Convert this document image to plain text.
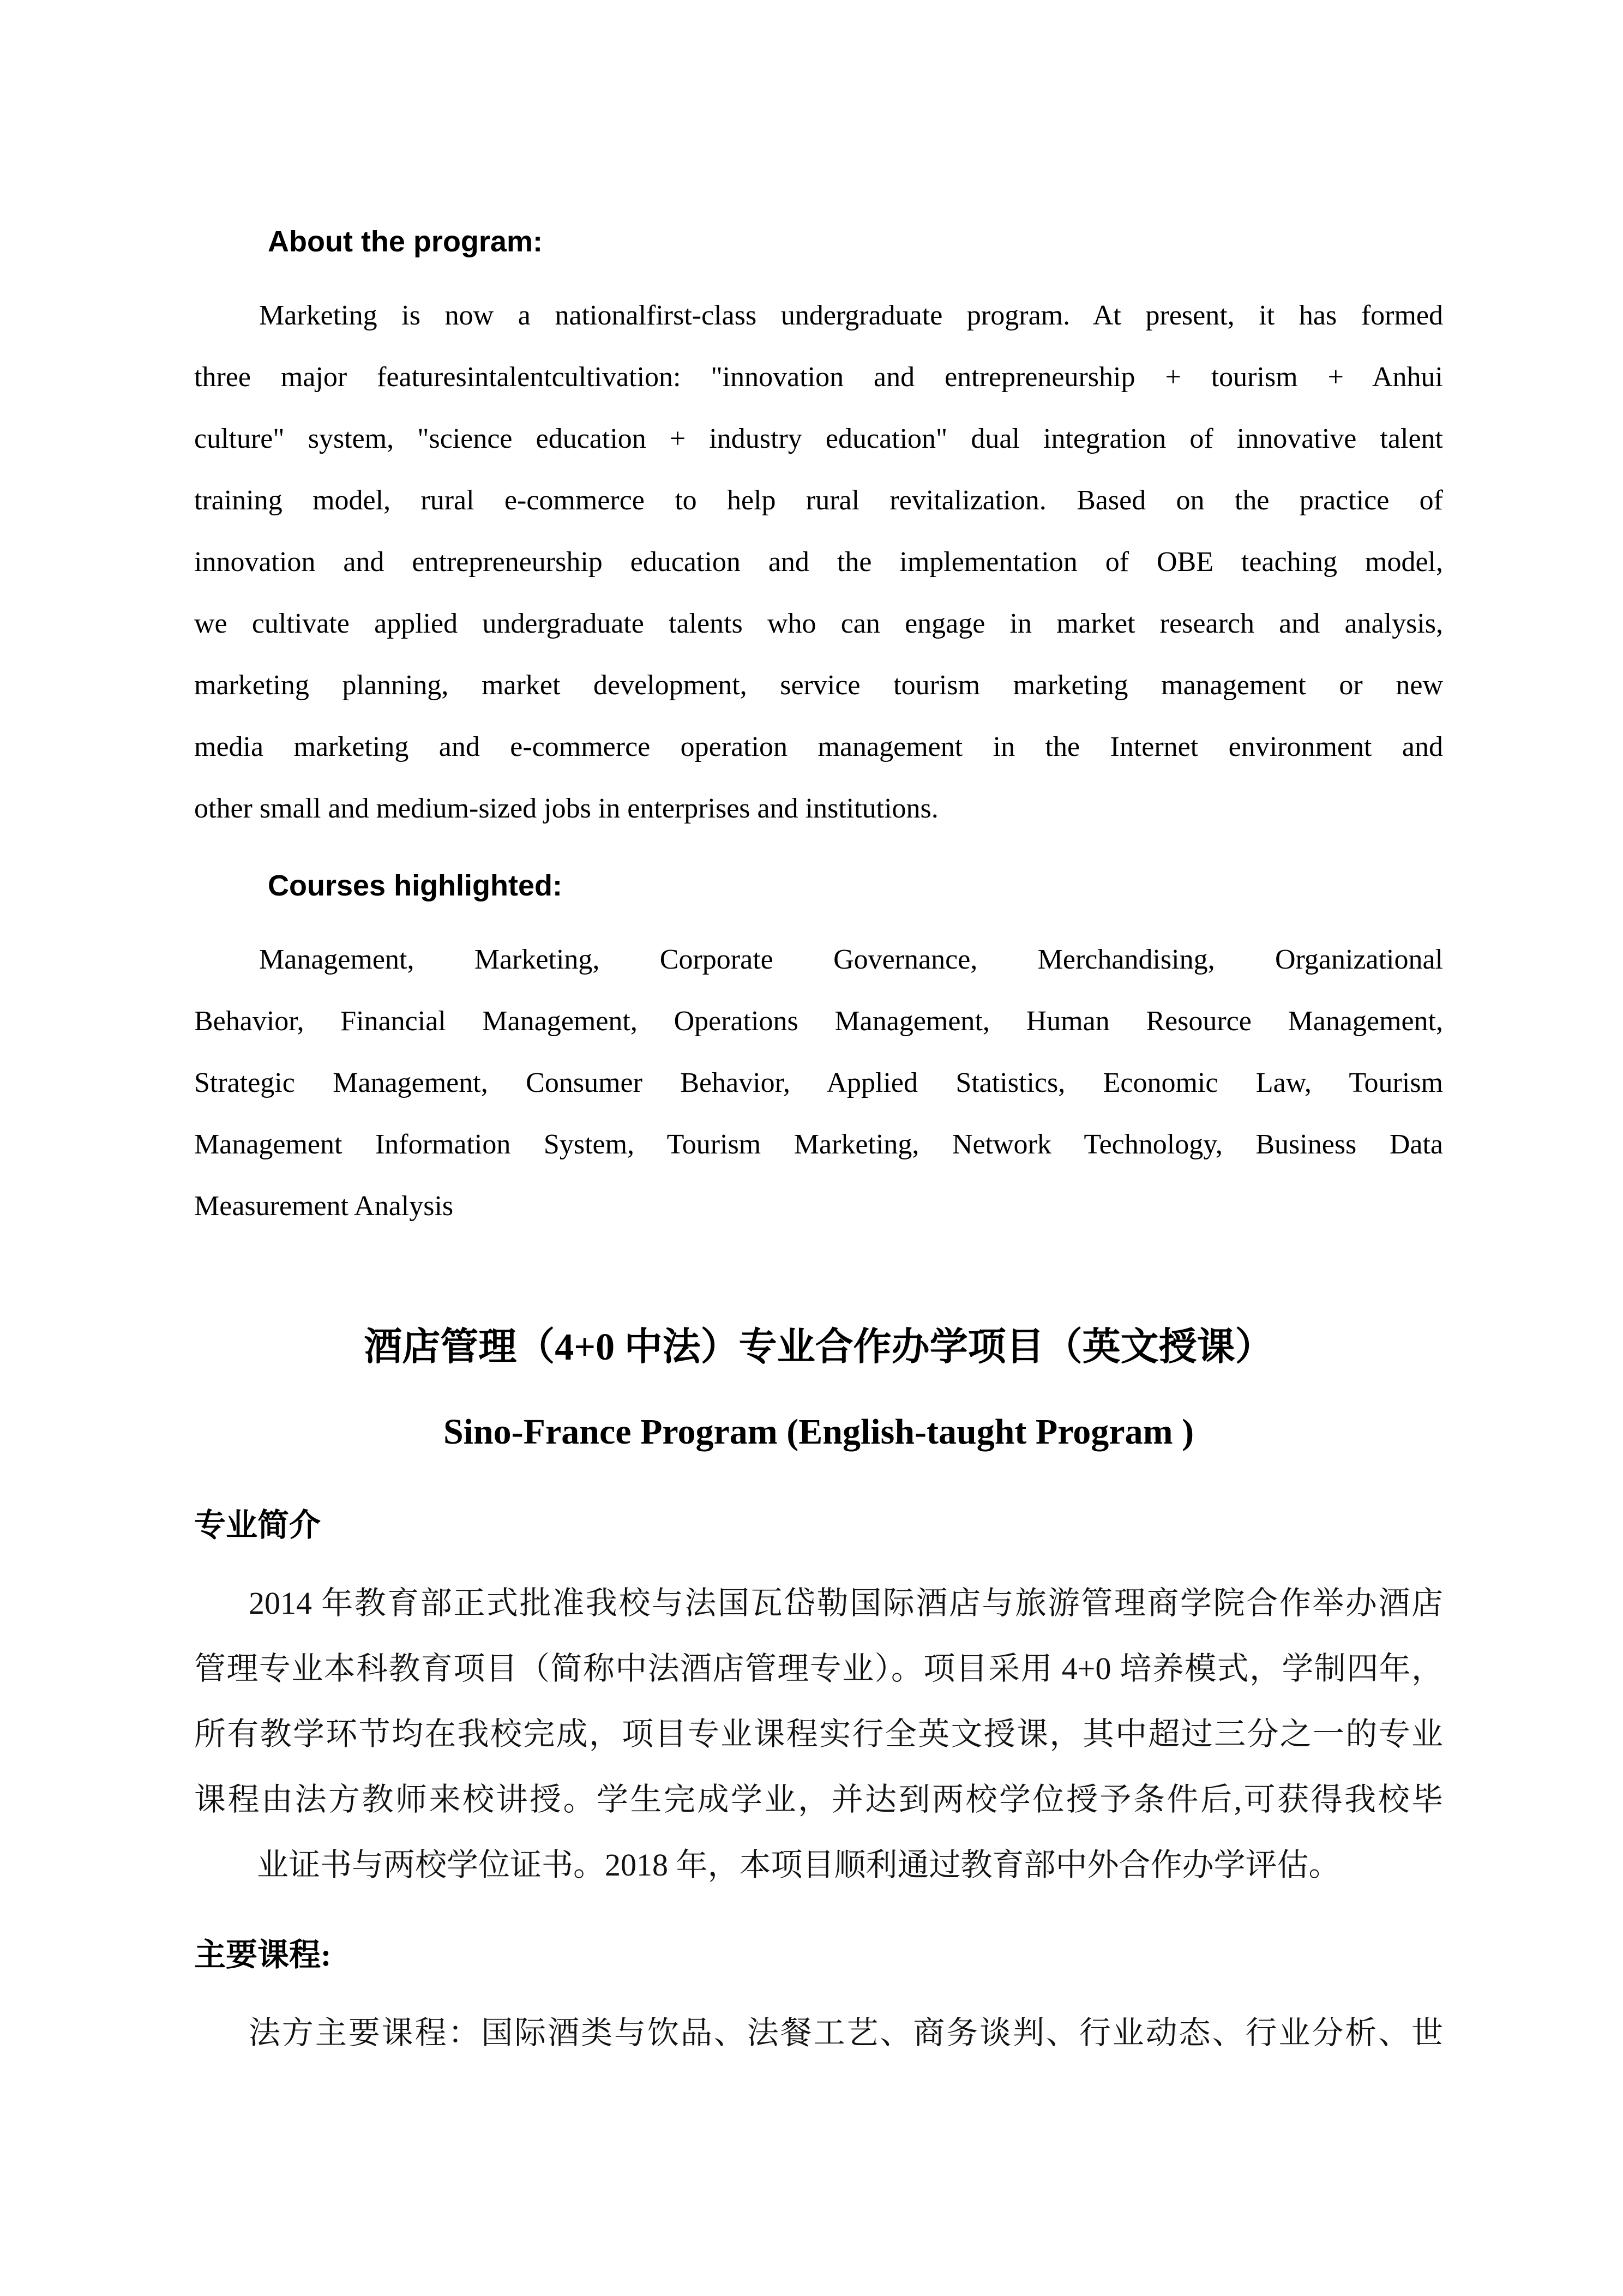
About the program:
Marketing is now a nationalfirst-class undergraduate program. At present, it has formed
three major featuresintalentcultivation: "innovation and entrepreneurship + tourism + Anhui
culture" system, "science education + industry education" dual integration of innovative talent
training model, rural e-commerce to help rural revitalization. Based on the practice of
innovation and entrepreneurship education and the implementation of OBE teaching model,
we cultivate applied undergraduate talents who can engage in market research and analysis,
marketing planning, market development, service tourism marketing management or new
media marketing and e-commerce operation management in the Internet environment and
other small and medium-sized jobs in enterprises and institutions.
Courses highlighted:
Management, Marketing, Corporate Governance, Merchandising, Organizational
Behavior, Financial Management, Operations Management, Human Resource Management,
Strategic Management, Consumer Behavior, Applied Statistics, Economic Law, Tourism
Management Information System, Tourism Marketing, Network Technology, Business Data
Measurement Analysis
酒店管理（4+0 中法）专业合作办学项目（英文授课）
Sino-France Program (English-taught Program )
专业简介
2014 年教育部正式批准我校与法国瓦岱勒国际酒店与旅游管理商学院合作举办酒店
管理专业本科教育项目（简称中法酒店管理专业）。项目采用 4+0 培养模式，学制四年，
所有教学环节均在我校完成，项目专业课程实行全英文授课，其中超过三分之一的专业
课程由法方教师来校讲授。学生完成学业，并达到两校学位授予条件后,可获得我校毕
业证书与两校学位证书。2018 年，本项目顺利通过教育部中外合作办学评估。
主要课程:
法方主要课程：国际酒类与饮品、法餐工艺、商务谈判、行业动态、行业分析、世
